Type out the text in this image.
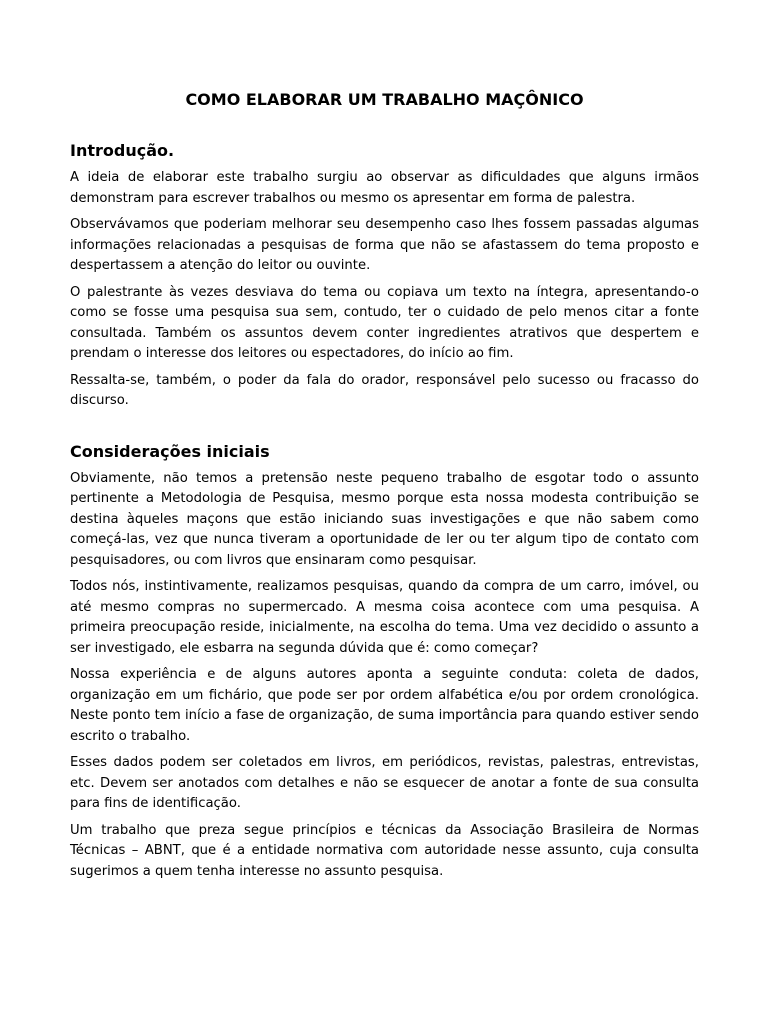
COMO ELABORAR UM TRABALHO MAÇÔNICO
Introdução.

A ideia de elaborar este trabalho surgiu ao observar as dificuldades que alguns irmãos demonstram para escrever trabalhos ou mesmo os apresentar em forma de palestra.

Observávamos que poderiam melhorar seu desempenho caso lhes fossem passadas algumas informações relacionadas a pesquisas de forma que não se afastassem do tema proposto e despertassem a atenção do leitor ou ouvinte.

O palestrante às vezes desviava do tema ou copiava um texto na íntegra, apresentando-o como se fosse uma pesquisa sua sem, contudo, ter o cuidado de pelo menos citar a fonte consultada. Também os assuntos devem conter ingredientes atrativos que despertem e prendam o interesse dos leitores ou espectadores, do início ao fim.

Ressalta-se, também, o poder da fala do orador, responsável pelo sucesso ou fracasso do discurso.

Considerações iniciais

Obviamente, não temos a pretensão neste pequeno trabalho de esgotar todo o assunto pertinente a Metodologia de Pesquisa, mesmo porque esta nossa modesta contribuição se destina àqueles maçons que estão iniciando suas investigações e que não sabem como começá-las, vez que nunca tiveram a oportunidade de ler ou ter algum tipo de contato com pesquisadores, ou com livros que ensinaram como pesquisar.

Todos nós, instintivamente, realizamos pesquisas, quando da compra de um carro, imóvel, ou até mesmo compras no supermercado. A mesma coisa acontece com uma pesquisa. A primeira preocupação reside, inicialmente, na escolha do tema. Uma vez decidido o assunto a ser investigado, ele esbarra na segunda dúvida que é: como começar?

Nossa experiência e de alguns autores aponta a seguinte conduta: coleta de dados, organização em um fichário, que pode ser por ordem alfabética e/ou por ordem cronológica. Neste ponto tem início a fase de organização, de suma importância para quando estiver sendo escrito o trabalho.

Esses dados podem ser coletados em livros, em periódicos, revistas, palestras, entrevistas, etc. Devem ser anotados com detalhes e não se esquecer de anotar a fonte de sua consulta para fins de identificação.

Um trabalho que preza segue princípios e técnicas da Associação Brasileira de Normas Técnicas – ABNT, que é a entidade normativa com autoridade nesse assunto, cuja consulta sugerimos a quem tenha interesse no assunto pesquisa.
